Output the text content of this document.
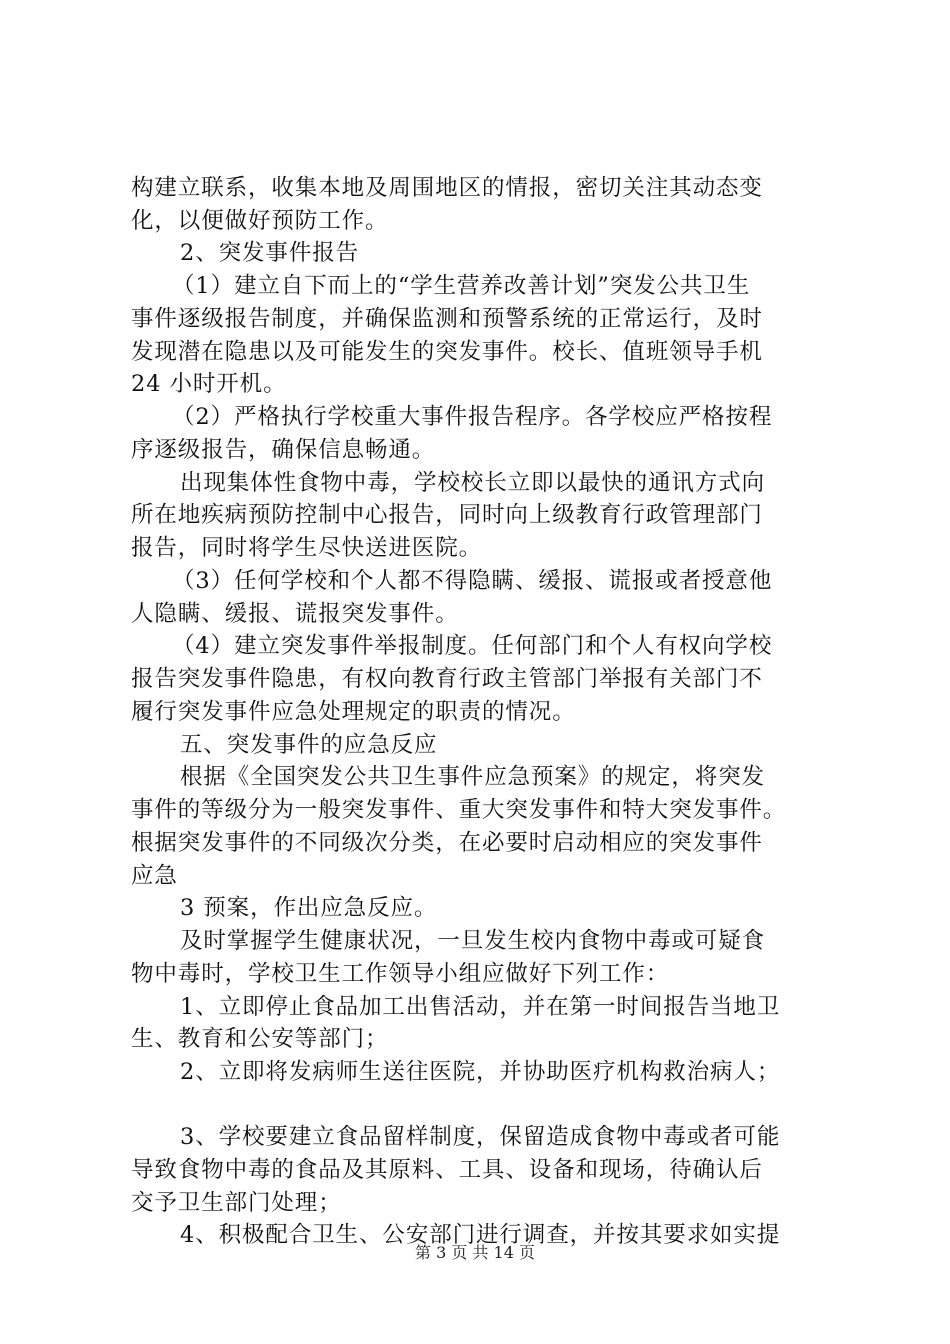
构建立联系，收集本地及周围地区的情报，密切关注其动态变
化，以便做好预防工作。
2、突发事件报告
（1）建立自下而上的“学生营养改善计划”突发公共卫生
事件逐级报告制度，并确保监测和预警系统的正常运行，及时
发现潜在隐患以及可能发生的突发事件。校长、值班领导手机
24 小时开机。
（2）严格执行学校重大事件报告程序。各学校应严格按程
序逐级报告，确保信息畅通。
出现集体性食物中毒，学校校长立即以最快的通讯方式向
所在地疾病预防控制中心报告，同时向上级教育行政管理部门
报告，同时将学生尽快送进医院。
（3）任何学校和个人都不得隐瞒、缓报、谎报或者授意他
人隐瞒、缓报、谎报突发事件。
（4）建立突发事件举报制度。任何部门和个人有权向学校
报告突发事件隐患，有权向教育行政主管部门举报有关部门不
履行突发事件应急处理规定的职责的情况。
五、突发事件的应急反应
根据《全国突发公共卫生事件应急预案》的规定，将突发
事件的等级分为一般突发事件、重大突发事件和特大突发事件。
根据突发事件的不同级次分类，在必要时启动相应的突发事件
应急
3 预案，作出应急反应。
及时掌握学生健康状况，一旦发生校内食物中毒或可疑食
物中毒时，学校卫生工作领导小组应做好下列工作：
1、立即停止食品加工出售活动，并在第一时间报告当地卫
生、教育和公安等部门；
2、立即将发病师生送往医院，并协助医疗机构救治病人；
3、学校要建立食品留样制度，保留造成食物中毒或者可能
导致食物中毒的食品及其原料、工具、设备和现场，待确认后
交予卫生部门处理；
4、积极配合卫生、公安部门进行调查，并按其要求如实提
第 3 页 共 14 页
